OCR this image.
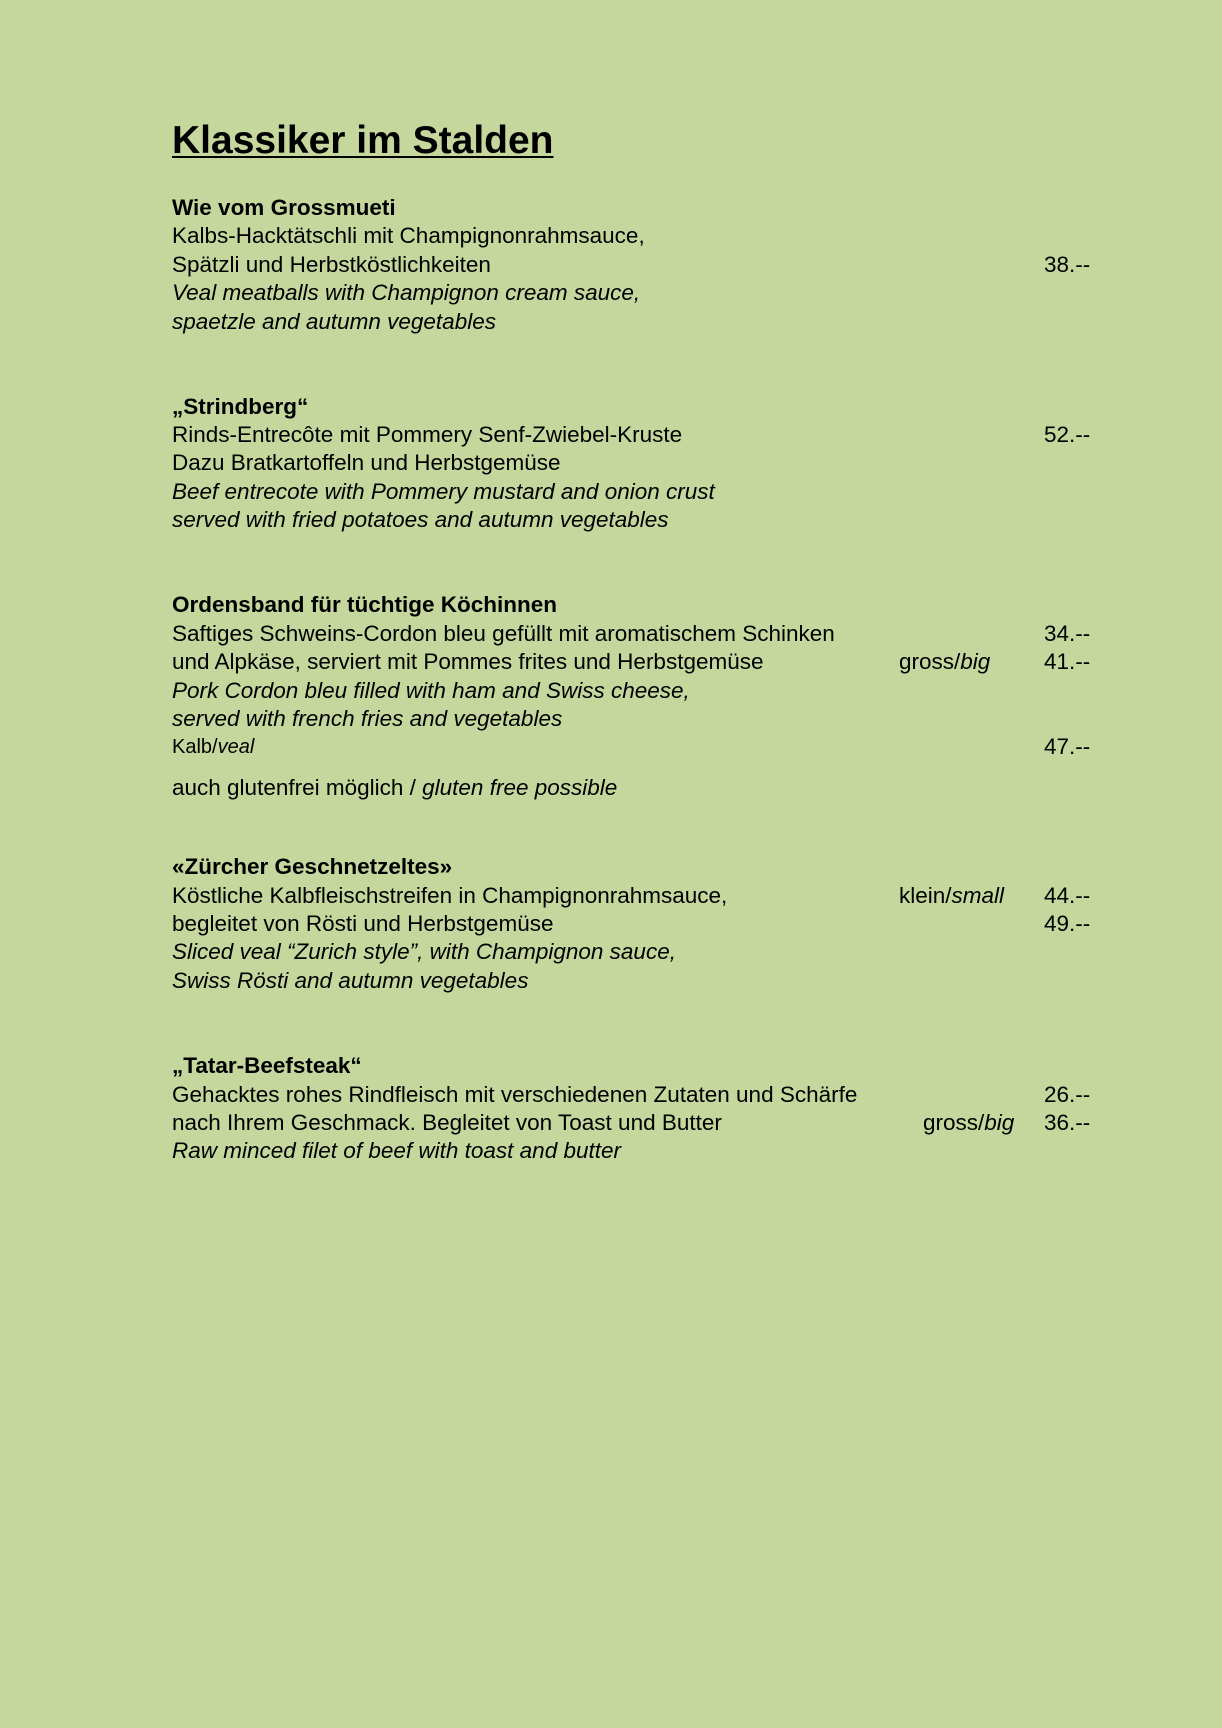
Klassiker im Stalden
Wie vom Grossmueti
Kalbs-Hacktätschli mit Champignonrahmsauce,
Spätzli und Herbstköstlichkeiten	38.--
Veal meatballs with Champignon cream sauce,
spaetzle and autumn vegetables
„Strindberg“
Rinds-Entrecôte mit Pommery Senf-Zwiebel-Kruste	52.--
Dazu Bratkartoffeln und Herbstgemüse
Beef entrecote with Pommery mustard and onion crust
served with fried potatoes and autumn vegetables
Ordensband für tüchtige Köchinnen
Saftiges Schweins-Cordon bleu gefüllt mit aromatischem Schinken	34.--
und Alpkäse, serviert mit Pommes frites und Herbstgemüse	gross/big 41.--
Pork Cordon bleu filled with ham and Swiss cheese,
served with french fries and vegetables
Kalb/veal	47.--
auch glutenfrei möglich / gluten free possible
«Zürcher Geschnetzeltes»
Köstliche Kalbfleischstreifen in Champignonrahmsauce,	klein/small 44.--
begleitet von Rösti und Herbstgemüse	49.--
Sliced veal “Zurich style”, with Champignon sauce,
Swiss Rösti and autumn vegetables
„Tatar-Beefsteak“
Gehacktes rohes Rindfleisch mit verschiedenen Zutaten und Schärfe	26.--
nach Ihrem Geschmack. Begleitet von Toast und Butter	gross/big 36.--
Raw minced filet of beef with toast and butter
